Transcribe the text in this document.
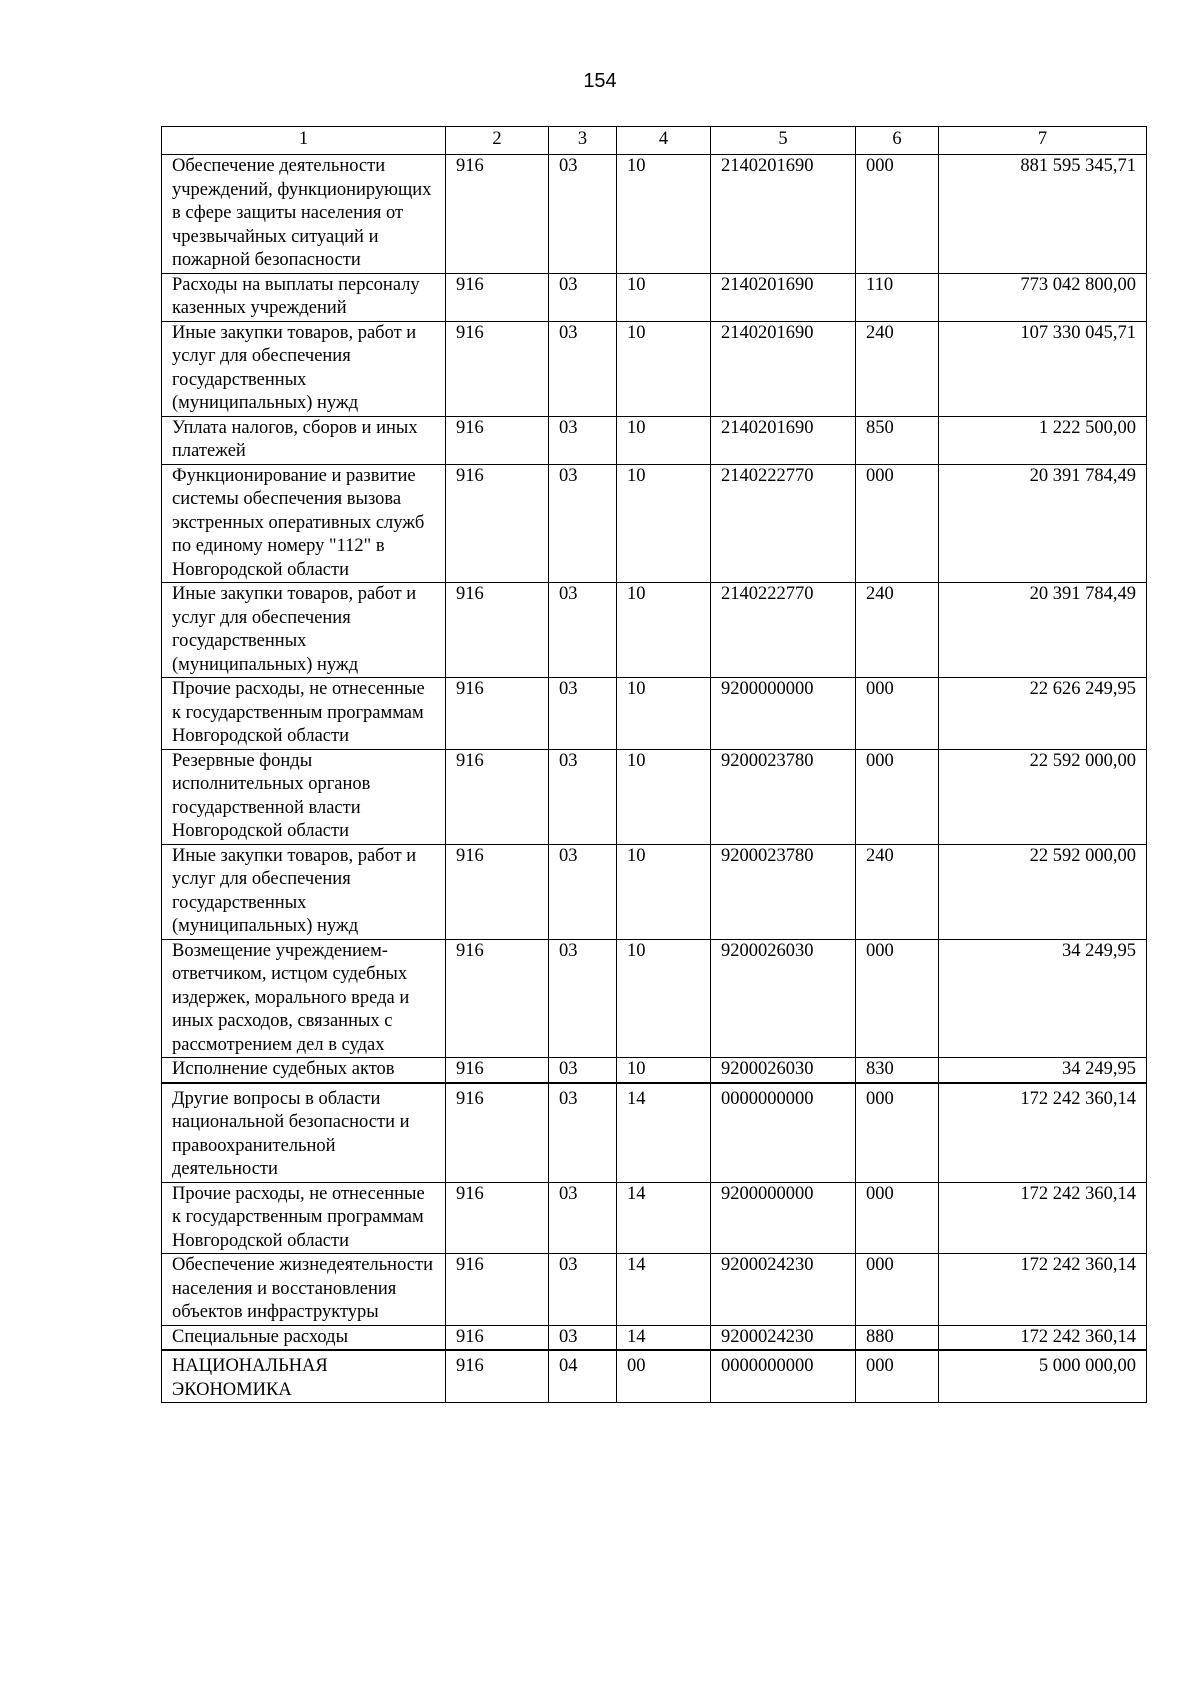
154
1	2	3	4	5	6	7
Обеспечение деятельности учреждений, функционирующих в сфере защиты населения от чрезвычайных ситуаций и пожарной безопасности	916	03	10	2140201690	000	881 595 345,71
Расходы на выплаты персоналу казенных учреждений	916	03	10	2140201690	110	773 042 800,00
Иные закупки товаров, работ и услуг для обеспечения государственных (муниципальных) нужд	916	03	10	2140201690	240	107 330 045,71
Уплата налогов, сборов и иных платежей	916	03	10	2140201690	850	1 222 500,00
Функционирование и развитие системы обеспечения вызова экстренных оперативных служб по единому номеру "112" в Новгородской области	916	03	10	2140222770	000	20 391 784,49
Иные закупки товаров, работ и услуг для обеспечения государственных (муниципальных) нужд	916	03	10	2140222770	240	20 391 784,49
Прочие расходы, не отнесенные к государственным программам Новгородской области	916	03	10	9200000000	000	22 626 249,95
Резервные фонды исполнительных органов государственной власти Новгородской области	916	03	10	9200023780	000	22 592 000,00
Иные закупки товаров, работ и услуг для обеспечения государственных (муниципальных) нужд	916	03	10	9200023780	240	22 592 000,00
Возмещение учреждением-ответчиком, истцом судебных издержек, морального вреда и иных расходов, связанных с рассмотрением дел в судах	916	03	10	9200026030	000	34 249,95
Исполнение судебных актов	916	03	10	9200026030	830	34 249,95
Другие вопросы в области национальной безопасности и правоохранительной деятельности	916	03	14	0000000000	000	172 242 360,14
Прочие расходы, не отнесенные к государственным программам Новгородской области	916	03	14	9200000000	000	172 242 360,14
Обеспечение жизнедеятельности населения и восстановления объектов инфраструктуры	916	03	14	9200024230	000	172 242 360,14
Специальные расходы	916	03	14	9200024230	880	172 242 360,14
НАЦИОНАЛЬНАЯ ЭКОНОМИКА	916	04	00	0000000000	000	5 000 000,00
